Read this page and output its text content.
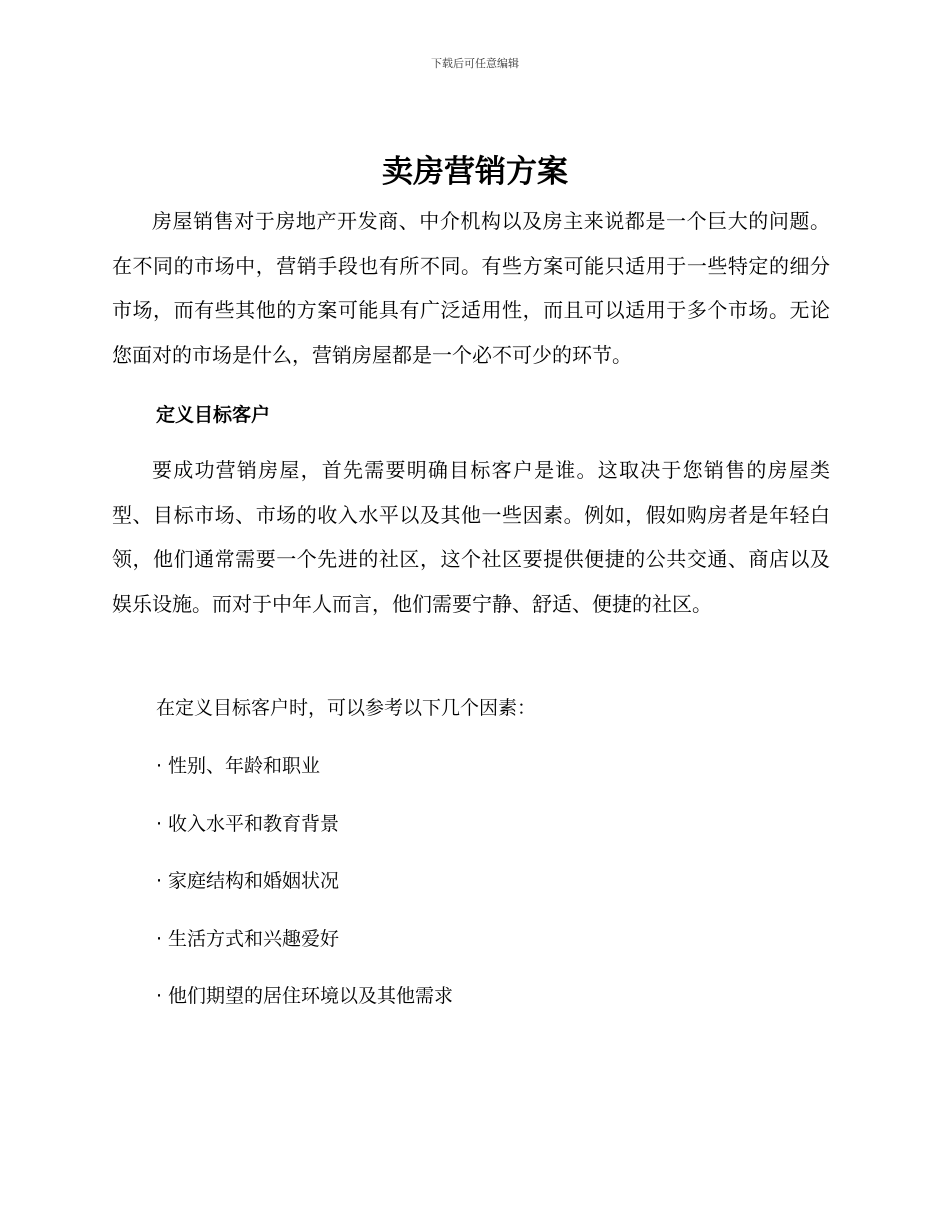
下载后可任意编辑
卖房营销方案

房屋销售对于房地产开发商、中介机构以及房主来说都是一个巨大的问题。在不同的市场中，营销手段也有所不同。有些方案可能只适用于一些特定的细分市场，而有些其他的方案可能具有广泛适用性，而且可以适用于多个市场。无论您面对的市场是什么，营销房屋都是一个必不可少的环节。

定义目标客户

要成功营销房屋，首先需要明确目标客户是谁。这取决于您销售的房屋类型、目标市场、市场的收入水平以及其他一些因素。例如，假如购房者是年轻白领，他们通常需要一个先进的社区，这个社区要提供便捷的公共交通、商店以及娱乐设施。而对于中年人而言，他们需要宁静、舒适、便捷的社区。

在定义目标客户时，可以参考以下几个因素：

· 性别、年龄和职业
· 收入水平和教育背景
· 家庭结构和婚姻状况
· 生活方式和兴趣爱好
· 他们期望的居住环境以及其他需求
